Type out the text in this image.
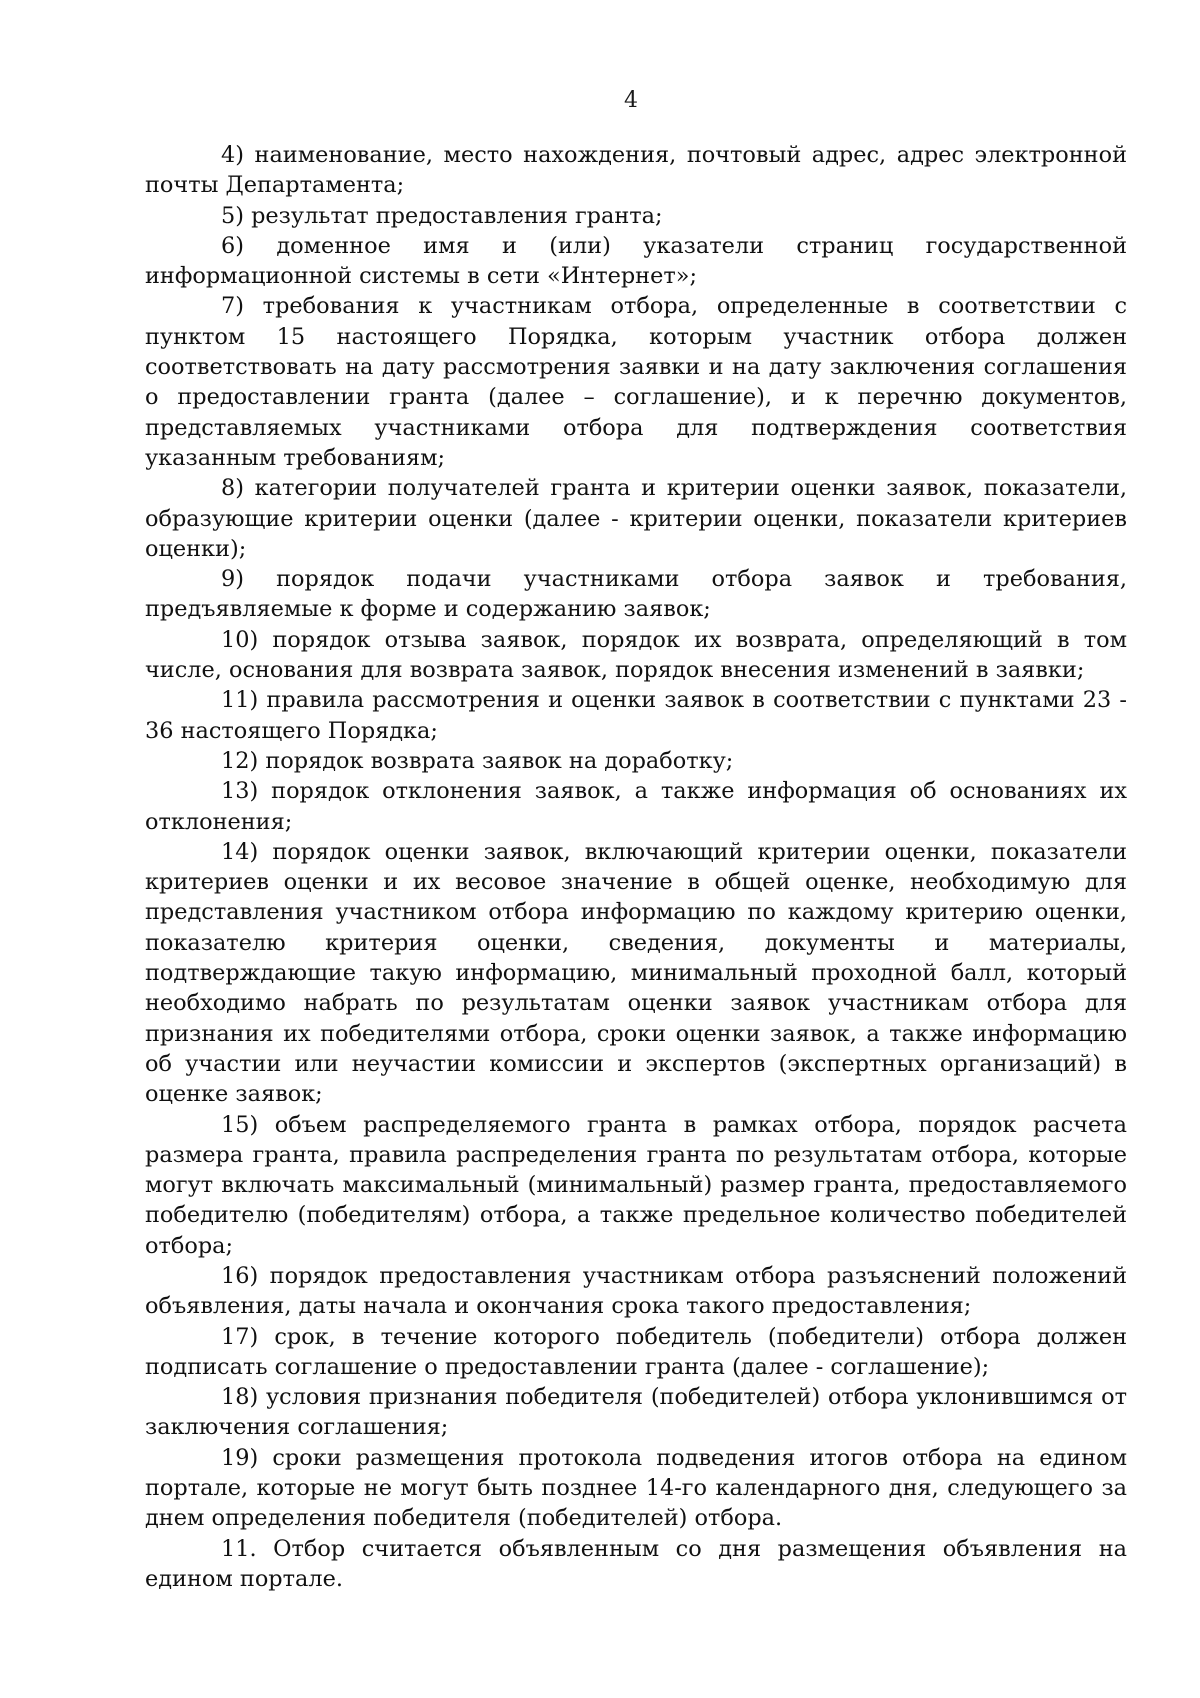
4

4) наименование, место нахождения, почтовый адрес, адрес электронной почты Департамента;

5) результат предоставления гранта;

6) доменное имя и (или) указатели страниц государственной информационной системы в сети «Интернет»;

7) требования к участникам отбора, определенные в соответствии с пунктом 15 настоящего Порядка, которым участник отбора должен соответствовать на дату рассмотрения заявки и на дату заключения соглашения о предоставлении гранта (далее – соглашение), и к перечню документов, представляемых участниками отбора для подтверждения соответствия указанным требованиям;

8) категории получателей гранта и критерии оценки заявок, показатели, образующие критерии оценки (далее - критерии оценки, показатели критериев оценки);

9) порядок подачи участниками отбора заявок и требования, предъявляемые к форме и содержанию заявок;

10) порядок отзыва заявок, порядок их возврата, определяющий в том числе, основания для возврата заявок, порядок внесения изменений в заявки;

11) правила рассмотрения и оценки заявок в соответствии с пунктами 23 - 36 настоящего Порядка;

12) порядок возврата заявок на доработку;

13) порядок отклонения заявок, а также информация об основаниях их отклонения;

14) порядок оценки заявок, включающий критерии оценки, показатели критериев оценки и их весовое значение в общей оценке, необходимую для представления участником отбора информацию по каждому критерию оценки, показателю критерия оценки, сведения, документы и материалы, подтверждающие такую информацию, минимальный проходной балл, который необходимо набрать по результатам оценки заявок участникам отбора для признания их победителями отбора, сроки оценки заявок, а также информацию об участии или неучастии комиссии и экспертов (экспертных организаций) в оценке заявок;

15) объем распределяемого гранта в рамках отбора, порядок расчета размера гранта, правила распределения гранта по результатам отбора, которые могут включать максимальный (минимальный) размер гранта, предоставляемого победителю (победителям) отбора, а также предельное количество победителей отбора;

16) порядок предоставления участникам отбора разъяснений положений объявления, даты начала и окончания срока такого предоставления;

17) срок, в течение которого победитель (победители) отбора должен подписать соглашение о предоставлении гранта (далее - соглашение);

18) условия признания победителя (победителей) отбора уклонившимся от заключения соглашения;

19) сроки размещения протокола подведения итогов отбора на едином портале, которые не могут быть позднее 14-го календарного дня, следующего за днем определения победителя (победителей) отбора.

11. Отбор считается объявленным со дня размещения объявления на едином портале.
